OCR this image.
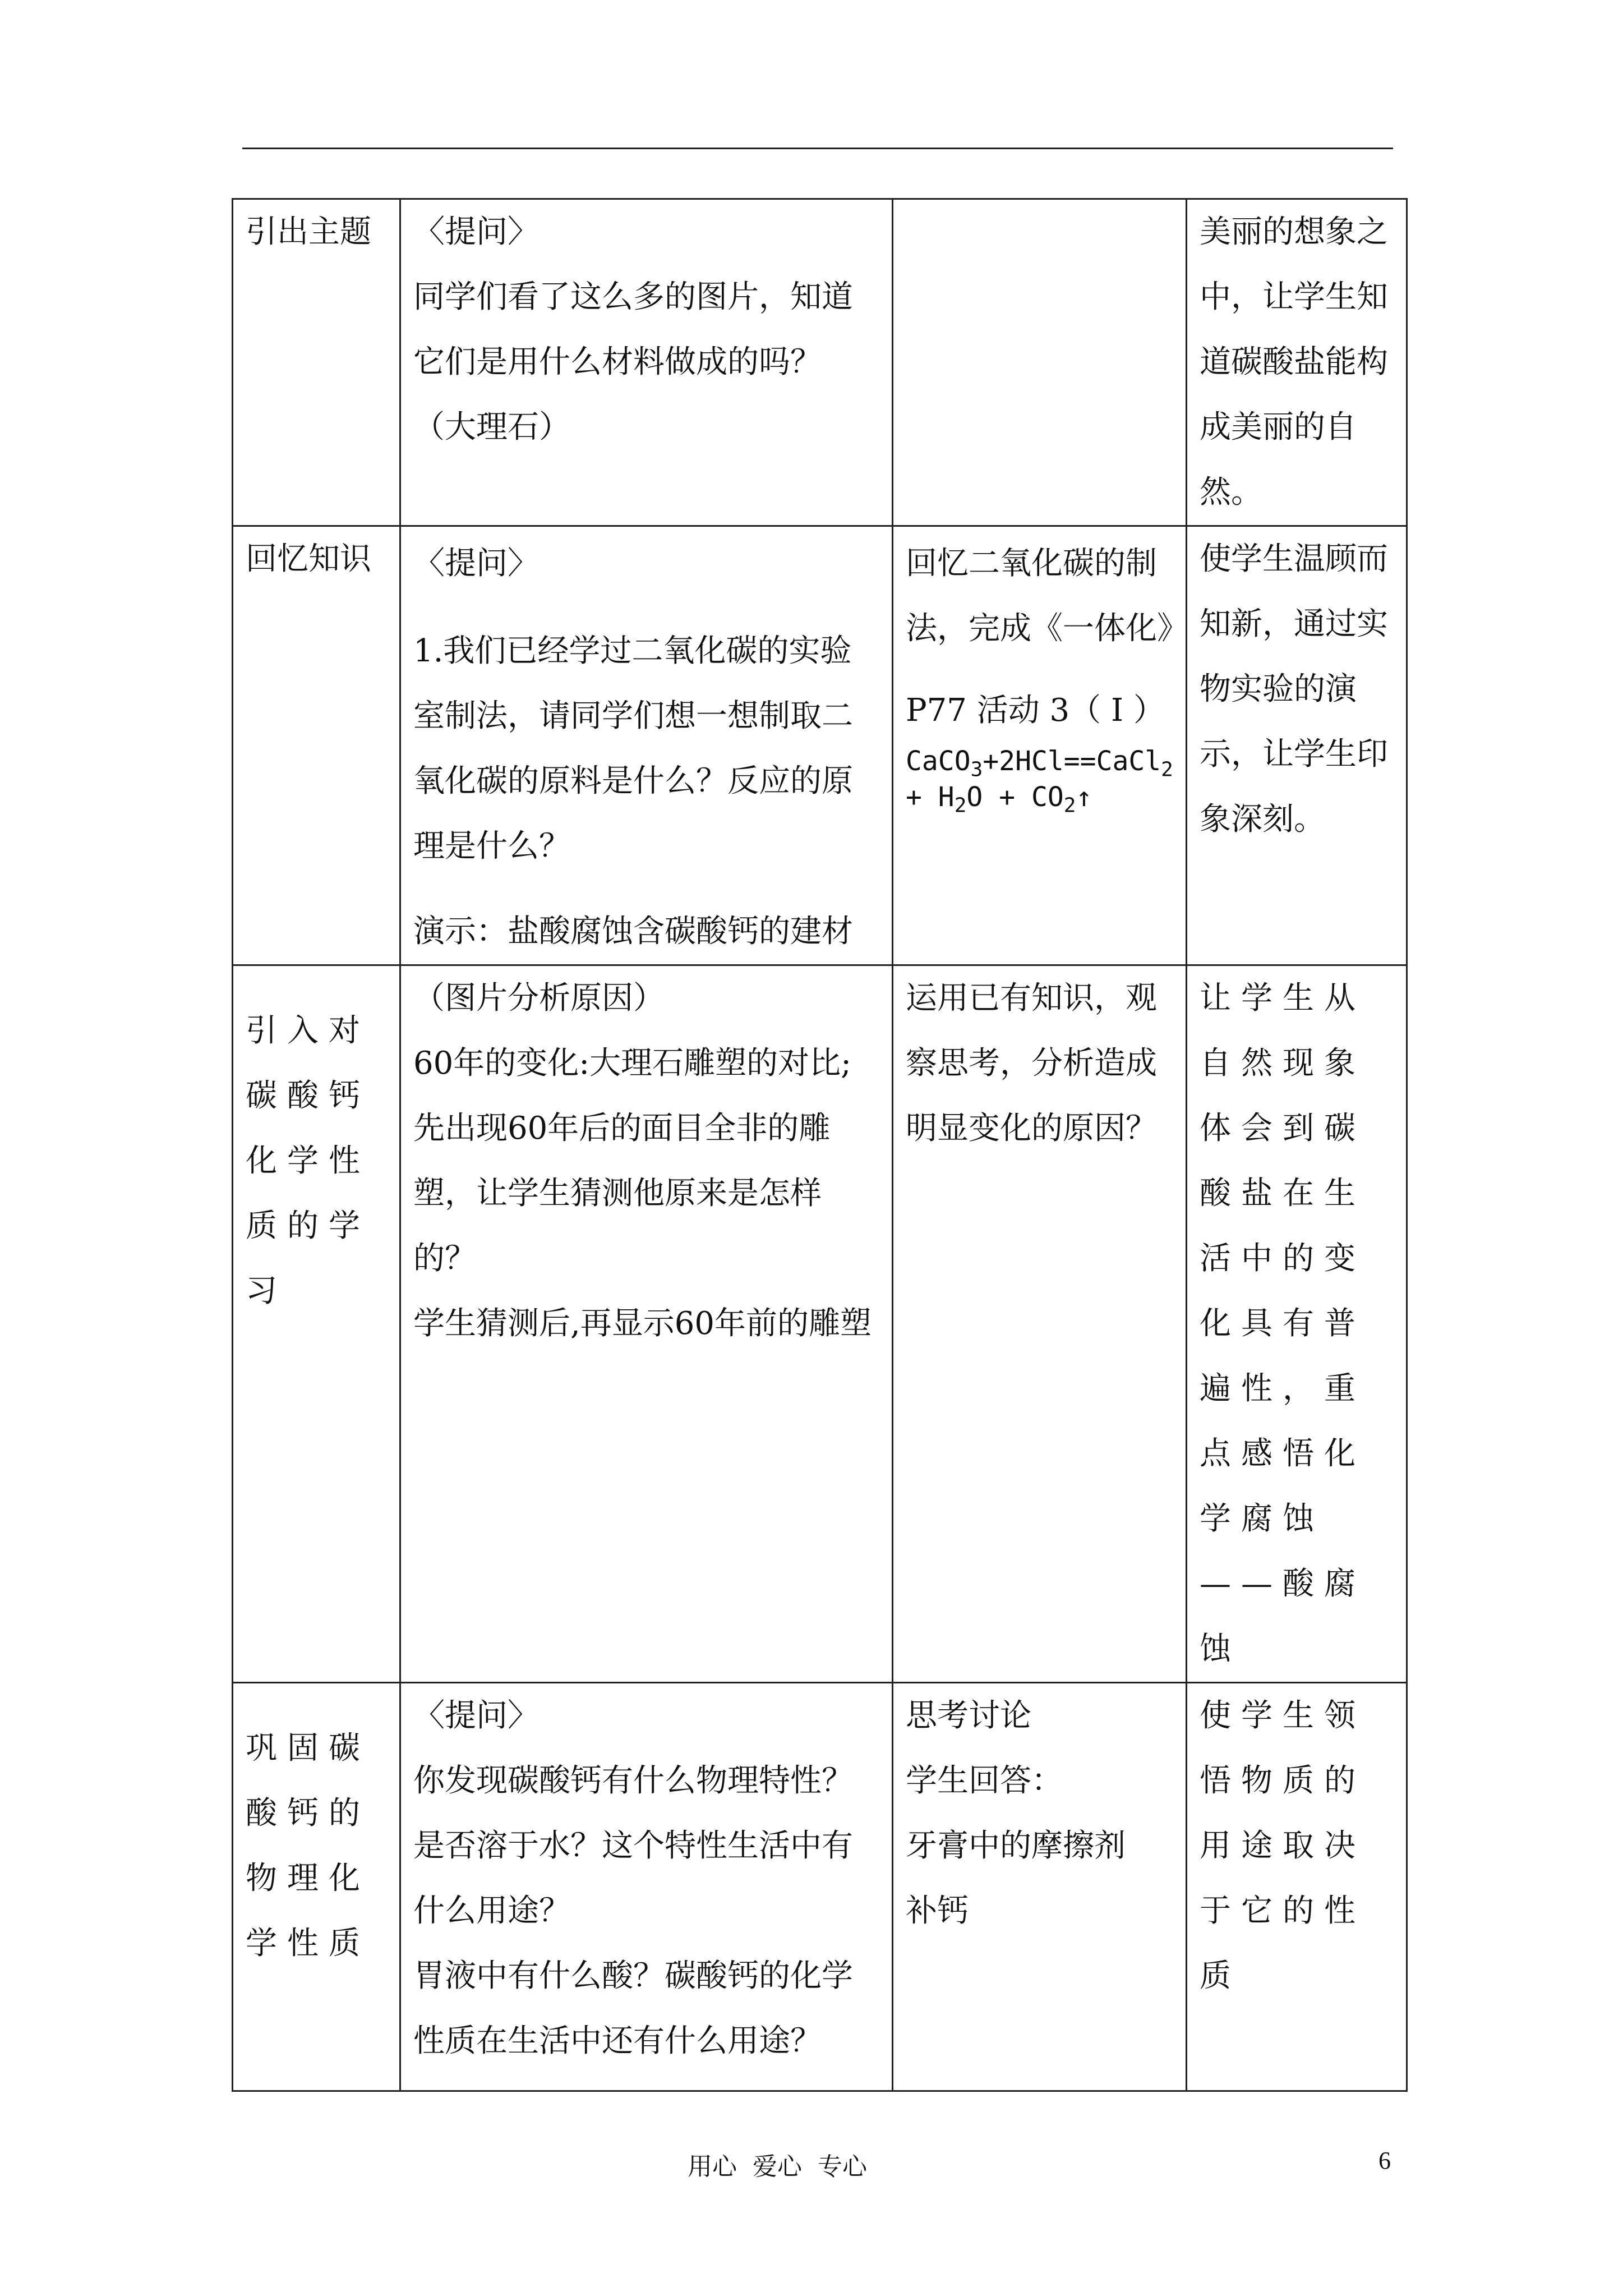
引出主题	〈提问〉
同学们看了这么多的图片，知道它们是用什么材料做成的吗？
（大理石）		美丽的想象之中，让学生知道碳酸盐能构成美丽的自然。

回忆知识	〈提问〉
1.我们已经学过二氧化碳的实验室制法，请同学们想一想制取二氧化碳的原料是什么？反应的原理是什么？
演示：盐酸腐蚀含碳酸钙的建材	回忆二氧化碳的制法，完成《一体化》
P77 活动 3（ Ⅰ ）
CaCO$_3$+2HCl==CaCl$_2$ + $H_2O$ + $CO_2↑$	使学生温顾而知新，通过实物实验的演示，让学生印象深刻。

引入对碳酸钙化学性质的学习	（图片分析原因）
60年的变化:大理石雕塑的对比;先出现60年后的面目全非的雕塑，让学生猜测他原来是怎样的？
学生猜测后,再显示60年前的雕塑	运用已有知识，观察思考，分析造成明显变化的原因？	让学生从自然现象体会到碳酸盐在生活中的变化具有普遍性，重点感悟化学腐蚀——酸腐蚀

巩固碳酸钙的物理化学性质	〈提问〉
你发现碳酸钙有什么物理特性？
是否溶于水？这个特性生活中有什么用途？
胃液中有什么酸？碳酸钙的化学性质在生活中还有什么用途？	思考讨论
学生回答：
牙膏中的摩擦剂
补钙	使学生领悟物质的用途取决于它的性质
用心  爱心  专心	6
